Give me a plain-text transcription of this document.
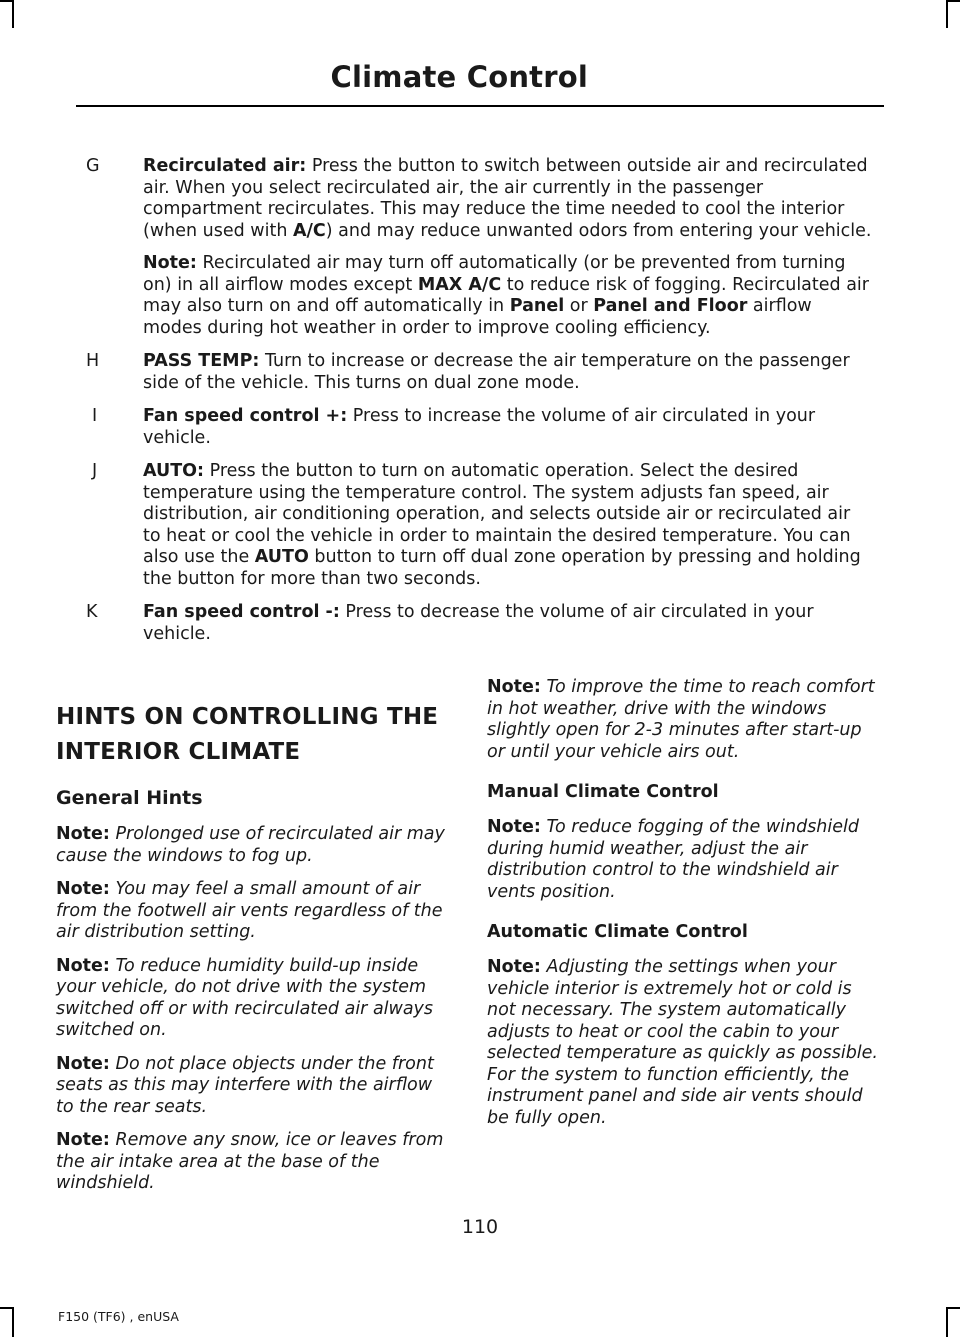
Climate Control
G	Recirculated air: Press the button to switch between outside air and recirculated air. When you select recirculated air, the air currently in the passenger compartment recirculates. This may reduce the time needed to cool the interior (when used with A/C) and may reduce unwanted odors from entering your vehicle.

Note: Recirculated air may turn off automatically (or be prevented from turning on) in all airflow modes except MAX A/C to reduce risk of fogging. Recirculated air may also turn on and off automatically in Panel or Panel and Floor airflow modes during hot weather in order to improve cooling efficiency.

H	PASS TEMP: Turn to increase or decrease the air temperature on the passenger side of the vehicle. This turns on dual zone mode.

I	Fan speed control +: Press to increase the volume of air circulated in your vehicle.

J	AUTO: Press the button to turn on automatic operation. Select the desired temperature using the temperature control. The system adjusts fan speed, air distribution, air conditioning operation, and selects outside air or recirculated air to heat or cool the vehicle in order to maintain the desired temperature. You can also use the AUTO button to turn off dual zone operation by pressing and holding the button for more than two seconds.

K	Fan speed control -: Press to decrease the volume of air circulated in your vehicle.

HINTS ON CONTROLLING THE
INTERIOR CLIMATE
General Hints

Note: Prolonged use of recirculated air may cause the windows to fog up.

Note: You may feel a small amount of air from the footwell air vents regardless of the air distribution setting.

Note: To reduce humidity build-up inside your vehicle, do not drive with the system switched off or with recirculated air always switched on.

Note: Do not place objects under the front seats as this may interfere with the airflow to the rear seats.

Note: Remove any snow, ice or leaves from the air intake area at the base of the windshield.

Note: To improve the time to reach comfort in hot weather, drive with the windows slightly open for 2-3 minutes after start-up or until your vehicle airs out.

Manual Climate Control

Note: To reduce fogging of the windshield during humid weather, adjust the air distribution control to the windshield air vents position.

Automatic Climate Control

Note: Adjusting the settings when your vehicle interior is extremely hot or cold is not necessary. The system automatically adjusts to heat or cool the cabin to your selected temperature as quickly as possible. For the system to function efficiently, the instrument panel and side air vents should be fully open.

110
F150 (TF6) , enUSA
